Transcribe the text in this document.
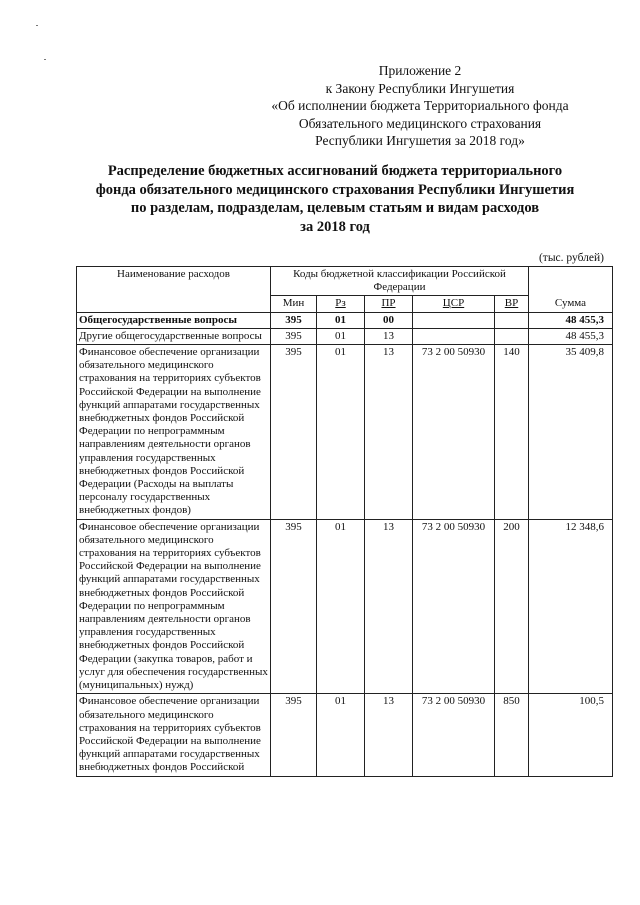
Приложение 2
к Закону Республики Ингушетия
«Об исполнении бюджета Территориального фонда
Обязательного медицинского страхования
Республики Ингушетия за 2018 год»
Распределение бюджетных ассигнований бюджета территориального
фонда обязательного медицинского страхования Республики Ингушетия
по разделам, подразделам, целевым статьям и видам расходов
за 2018 год
(тыс. рублей)
Наименование расходов	Коды бюджетной классификации Российской Федерации					Сумма
	Мин	Рз	ПР	ЦСР	ВР	
Общегосударственные вопросы	395	01	00			48 455,3
Другие общегосударственные вопросы	395	01	13			48 455,3
Финансовое обеспечение организации обязательного медицинского страхования на территориях субъектов Российской Федерации на выполнение функций аппаратами государственных внебюджетных фондов Российской Федерации по непрограммным направлениям деятельности органов управления государственных внебюджетных фондов Российской Федерации (Расходы на выплаты персоналу государственных внебюджетных фондов)	395	01	13	73 2 00 50930	140	35 409,8
Финансовое обеспечение организации обязательного медицинского страхования на территориях субъектов Российской Федерации на выполнение функций аппаратами государственных внебюджетных фондов Российской Федерации по непрограммным направлениям деятельности органов управления государственных внебюджетных фондов Российской Федерации (закупка товаров, работ и услуг для обеспечения государственных (муниципальных) нужд)	395	01	13	73 2 00 50930	200	12 348,6
Финансовое обеспечение организации обязательного медицинского страхования на территориях субъектов Российской Федерации на выполнение функций аппаратами государственных внебюджетных фондов Российской	395	01	13	73 2 00 50930	850	100,5
